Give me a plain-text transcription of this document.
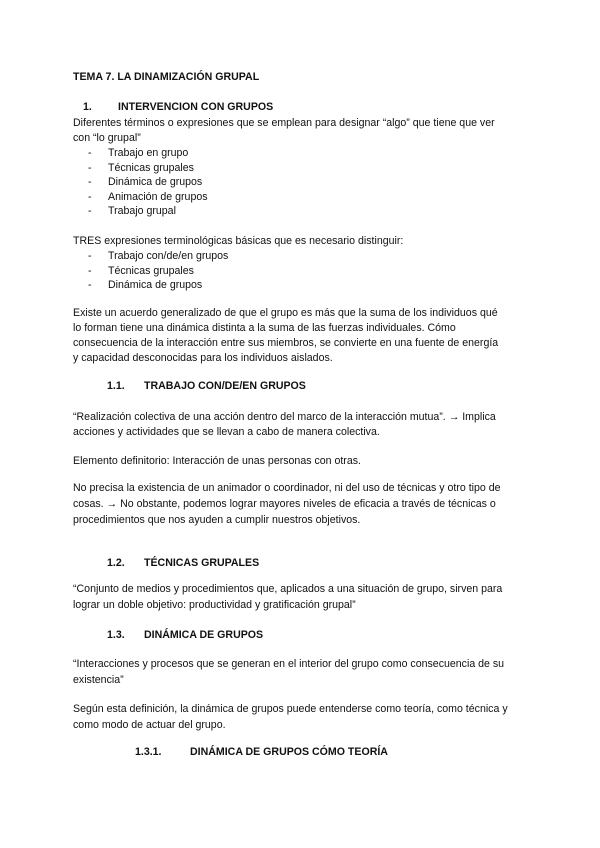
TEMA 7. LA DINAMIZACIÓN GRUPAL
1. INTERVENCION CON GRUPOS
Diferentes términos o expresiones que se emplean para designar “algo” que tiene que ver
con “lo grupal”
- Trabajo en grupo
- Técnicas grupales
- Dinámica de grupos
- Animación de grupos
- Trabajo grupal
TRES expresiones terminológicas básicas que es necesario distinguir:
- Trabajo con/de/en grupos
- Técnicas grupales
- Dinámica de grupos
Existe un acuerdo generalizado de que el grupo es más que la suma de los individuos qué
lo forman tiene una dinámica distinta a la suma de las fuerzas individuales. Cómo
consecuencia de la interacción entre sus miembros, se convierte en una fuente de energía
y capacidad desconocidas para los individuos aislados.
1.1. TRABAJO CON/DE/EN GRUPOS
“Realización colectiva de una acción dentro del marco de la interacción mutua”. → Implica
acciones y actividades que se llevan a cabo de manera colectiva.
Elemento definitorio: Interacción de unas personas con otras.
No precisa la existencia de un animador o coordinador, ni del uso de técnicas y otro tipo de
cosas. → No obstante, podemos lograr mayores niveles de eficacia a través de técnicas o
procedimientos que nos ayuden a cumplir nuestros objetivos.
1.2. TÉCNICAS GRUPALES
“Conjunto de medios y procedimientos que, aplicados a una situación de grupo, sirven para
lograr un doble objetivo: productividad y gratificación grupal”
1.3. DINÁMICA DE GRUPOS
“Interacciones y procesos que se generan en el interior del grupo como consecuencia de su
existencia”
Según esta definición, la dinámica de grupos puede entenderse como teoría, como técnica y
como modo de actuar del grupo.
1.3.1.	DINÁMICA DE GRUPOS CÓMO TEORÍA
